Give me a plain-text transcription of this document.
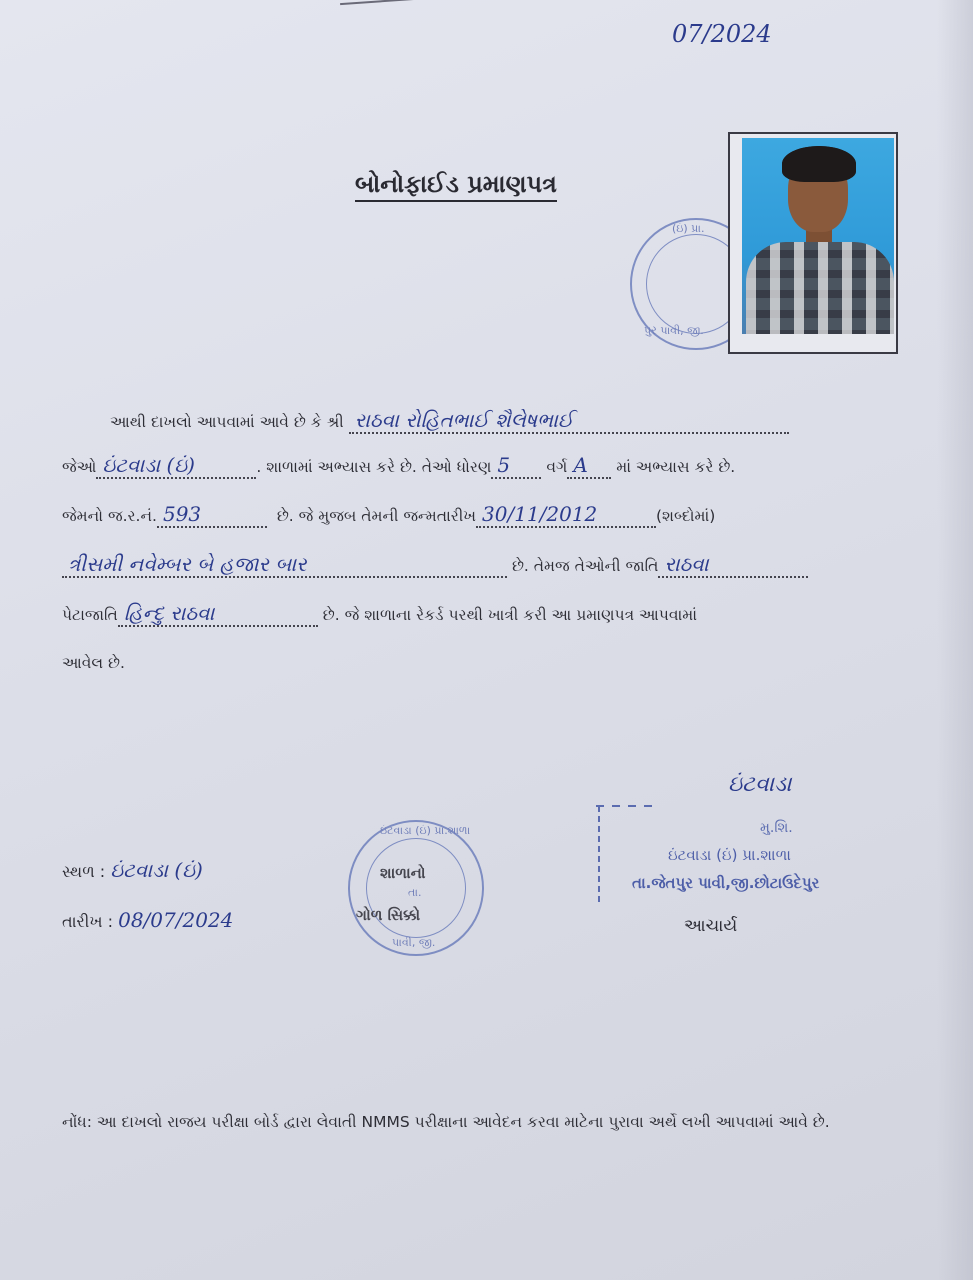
07/2024
બોનોફાઈડ પ્રમાણપત્ર
(ઇં) પ્રા.
પુર પાવી, જી.
આથી દાખલો આપવામાં આવે છે કે શ્રી રાઠવા રોહિતભાઈ શૈલેષભાઈ
જેઓ ઇંટવાડા (ઇં)	. શાળામાં અભ્યાસ કરે છે. તેઓ ધોરણ 5 વર્ગ A માં અભ્યાસ કરે છે.
જેમનો જ.ર.નં. 593	છે. જે મુજબ તેમની જન્મતારીખ 30/11/2012	(શબ્દોમાં)
ત્રીસમી નવેમ્બર બે હજાર બાર	છે. તેમજ તેઓની જાતિ રાઠવા
પેટાજાતિ હિન્દુ રાઠવા	છે. જે શાળાના રેકર્ડ પરથી ખાત્રી કરી આ પ્રમાણપત્ર આપવામાં
આવેલ છે.
સ્થળ : ઇંટવાડા (ઇં)
તારીખ : 08/07/2024
ઇંટવાડા (ઇં) પ્રા.શાળા
શાળાનો
તા.
ગોળ સિક્કો
પાવી, જી.
ઇંટવાડા
મુ.શિ.
ઇંટવાડા (ઇં) પ્રા.શાળા
તા.જેતપુર પાવી,જી.છોટાઉદેપુર
આચાર્ય
નોંધ: આ દાખલો રાજય પરીક્ષા બોર્ડ દ્વારા લેવાતી NMMS પરીક્ષાના આવેદન કરવા માટેના પુરાવા અર્થે લખી આપવામાં આવે છે.
